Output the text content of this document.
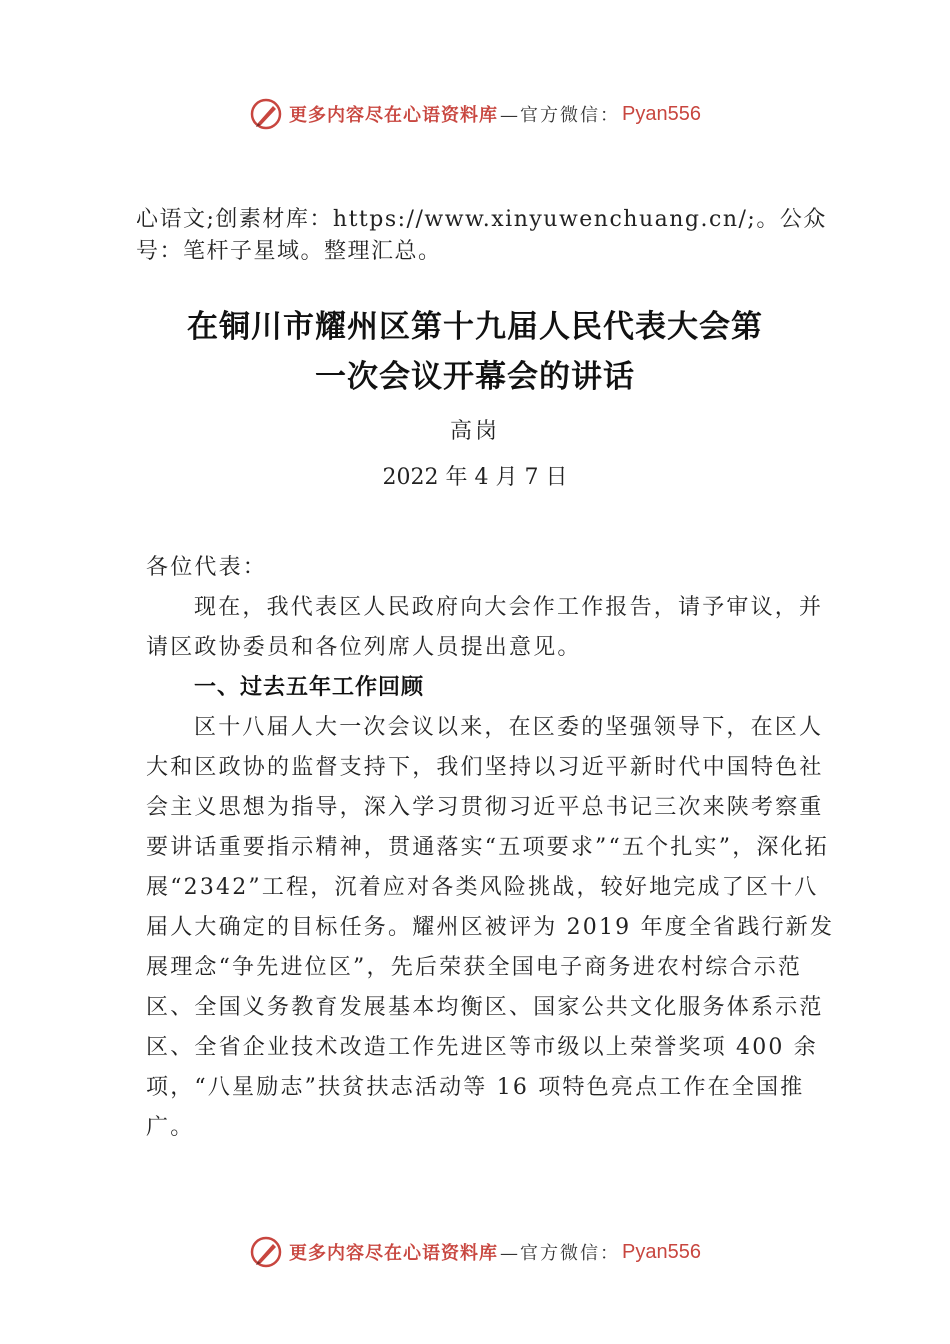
更多内容尽在心语资料库 —官方微信： Pyan556
心语文;创素材库：https://www.xinyuwenchuang.cn/;。公众号：笔杆子星域。整理汇总。
在铜川市耀州区第十九届人民代表大会第
一次会议开幕会的讲话
高岗
2022 年 4 月 7 日

各位代表：

现在，我代表区人民政府向大会作工作报告，请予审议，并请区政协委员和各位列席人员提出意见。

一、过去五年工作回顾

区十八届人大一次会议以来，在区委的坚强领导下，在区人大和区政协的监督支持下，我们坚持以习近平新时代中国特色社会主义思想为指导，深入学习贯彻习近平总书记三次来陕考察重要讲话重要指示精神，贯通落实“五项要求”“五个扎实”，深化拓展“2342”工程，沉着应对各类风险挑战，较好地完成了区十八届人大确定的目标任务。耀州区被评为 2019 年度全省践行新发展理念“争先进位区”，先后荣获全国电子商务进农村综合示范区、全国义务教育发展基本均衡区、国家公共文化服务体系示范区、全省企业技术改造工作先进区等市级以上荣誉奖项 400 余项，“八星励志”扶贫扶志活动等 16 项特色亮点工作在全国推广。

更多内容尽在心语资料库 —官方微信： Pyan556
